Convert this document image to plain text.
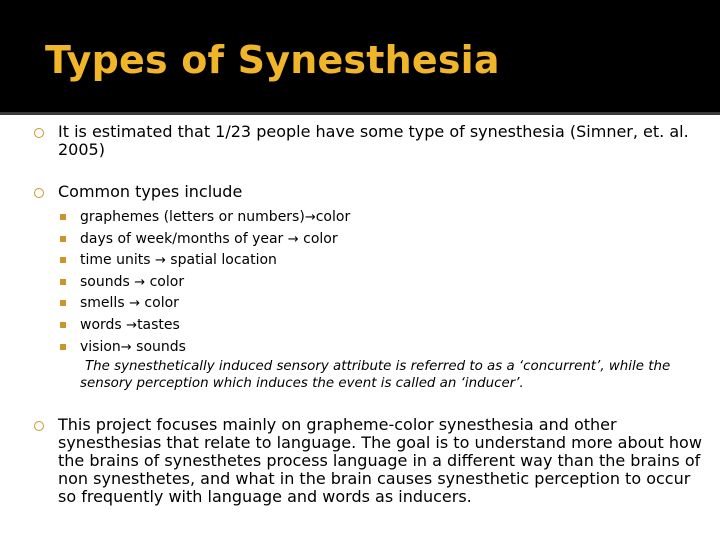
Types of Synesthesia
It is estimated that 1/23 people have some type of synesthesia (Simner, et. al. 2005)
Common types include
graphemes (letters or numbers)→color
days of week/months of year → color
time units → spatial location
sounds → color
smells → color
words →tastes
vision→ sounds
The synesthetically induced sensory attribute is referred to as a ‘concurrent’, while the sensory perception which induces the event is called an ‘inducer’.
This project focuses mainly on grapheme-color synesthesia and other synesthesias that relate to language. The goal is to understand more about how the brains of synesthetes process language in a different way than the brains of non synesthetes, and what in the brain causes synesthetic perception to occur so frequently with language and words as inducers.
